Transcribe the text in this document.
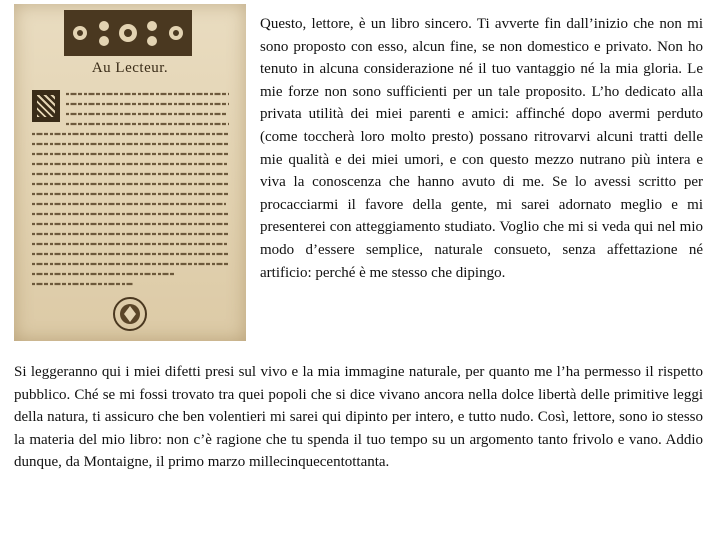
Au Lecteur.

Questo, lettore, è un libro sincero. Ti avverte fin dall’inizio che non mi sono proposto con esso, alcun fine, se non domestico e privato. Non ho tenuto in alcuna considerazione né il tuo vantaggio né la mia gloria. Le mie forze non sono sufficienti per un tale proposito. L’ho dedicato alla privata utilità dei miei parenti e amici: affinché dopo avermi perduto (come toccherà loro molto presto) possano ritrovarvi alcuni tratti delle mie qualità e dei miei umori, e con questo mezzo nutrano più intera e viva la conoscenza che hanno avuto di me. Se lo avessi scritto per procacciarmi il favore della gente, mi sarei adornato meglio e mi presenterei con atteggiamento studiato. Voglio che mi si veda qui nel mio modo d’essere semplice, naturale consueto, senza affettazione né artificio: perché è me stesso che dipingo.

Si leggeranno qui i miei difetti presi sul vivo e la mia immagine naturale, per quanto me l’ha permesso il rispetto pubblico. Ché se mi fossi trovato tra quei popoli che si dice vivano ancora nella dolce libertà delle primitive leggi della natura, ti assicuro che ben volentieri mi sarei qui dipinto per intero, e tutto nudo. Così, lettore, sono io stesso la materia del mio libro: non c’è ragione che tu spenda il tuo tempo su un argomento tanto frivolo e vano. Addio dunque, da Montaigne, il primo marzo millecinquecentottanta.
